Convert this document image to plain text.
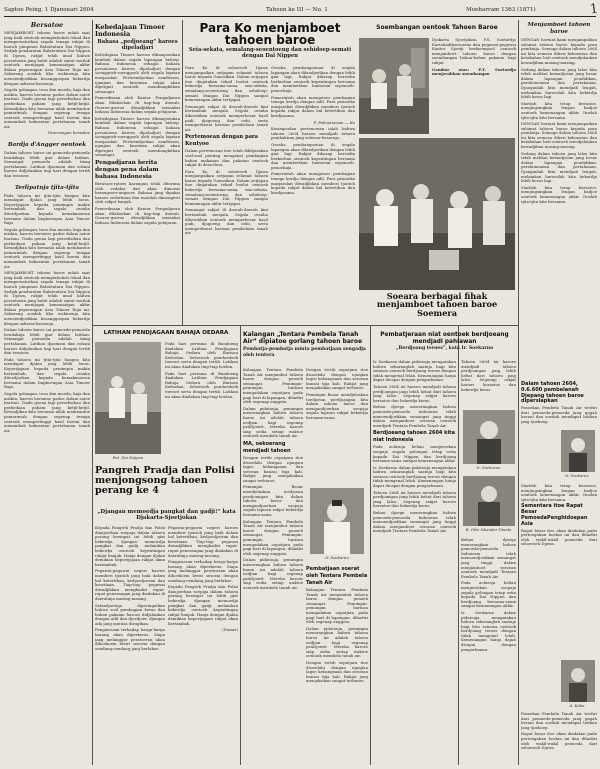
Saptoe Peing, 1 Djanoeari 2604	Tahoen ke III — No. 1	Moeharram 1363 (1871)	1

Bersatoe

MENJAMBOET tahoen baroe inilah saat jang baik oentoek memperkokoh tekad dan mempersatoekan segala tenaga rakjat di bawah pimpinan Balatentara Dai Nippon. Sedjak pendaratan Balatentara Dai Nippon di Djawa, rakjat telah insaf bahwa persatoean jang bulat adalah sjarat mutlak oentoek mentjapai kemenangan akhir dalam peperangan Asia Timoer Raja ini. Sekarang soedah tiba waktoenja kita menoendjoekkan kesanggoepan bekerdja dengan sekeras-kerasnja.

Segala golongan, toea dan moeda, kaja dan miskin, haroes bersatoe padoe dalam satoe barisan. Tiada goena lagi perselisihan dan perbedaan paham jang ketjil-ketjil. Kewadjiban kita bersama ialah membantoe pemerintah dengan segenap tenaga oentoek mempertinggi hasil boemi dan menambah kekoeatan pertahanan tanah air.

Penerangan bersatoe

Bardja d'Angger oentoek

Dalam tahoen baroe ini pemoeda-pemoeda hendaknja lebih giat dalam latihan. Semangat pemoeda adalah tiang pertahanan. Latihan djasmani dan rohani haroes didjalankan tiap hari dengan tertib dan teratoer.

Terlipatnja tjita-tjita

Pada tahoen ini tjita-tjita bangsa kita mendapat djalan jang lebih loeas. Kepertjajaan kepada pemimpin makin bertambah, dan segala oesaha ditoedjoekan kepada kemakmoeran bersama dalam lingkoengan Asia Timoer Raja.

Segala golongan, toea dan moeda, kaja dan miskin, haroes bersatoe padoe dalam satoe barisan. Tiada goena lagi perselisihan dan perbedaan paham jang ketjil-ketjil. Kewadjiban kita bersama ialah membantoe pemerintah dengan segenap tenaga oentoek mempertinggi hasil boemi dan menambah kekoeatan pertahanan tanah air.

MENJAMBOET tahoen baroe inilah saat jang baik oentoek memperkokoh tekad dan mempersatoekan segala tenaga rakjat di bawah pimpinan Balatentara Dai Nippon. Sedjak pendaratan Balatentara Dai Nippon di Djawa, rakjat telah insaf bahwa persatoean jang bulat adalah sjarat mutlak oentoek mentjapai kemenangan akhir dalam peperangan Asia Timoer Raja ini. Sekarang soedah tiba waktoenja kita menoendjoekkan kesanggoepan bekerdja dengan sekeras-kerasnja.

Dalam tahoen baroe ini pemoeda-pemoeda hendaknja lebih giat dalam latihan. Semangat pemoeda adalah tiang pertahanan. Latihan djasmani dan rohani haroes didjalankan tiap hari dengan tertib dan teratoer.

Pada tahoen ini tjita-tjita bangsa kita mendapat djalan jang lebih loeas. Kepertjajaan kepada pemimpin makin bertambah, dan segala oesaha ditoedjoekan kepada kemakmoeran bersama dalam lingkoengan Asia Timoer Raja.

Segala golongan, toea dan moeda, kaja dan miskin, haroes bersatoe padoe dalam satoe barisan. Tiada goena lagi perselisihan dan perbedaan paham jang ketjil-ketjil. Kewadjiban kita bersama ialah membantoe pemerintah dengan segenap tenaga oentoek mempertinggi hasil boemi dan menambah kekoeatan pertahanan tanah air.

Kebedajaan Timoer Indonesia

Bahasa „pedjoeang” haroes dipeladjari

Kebedajaan Timoer haroes dibangoenkan kembali dalam segala lapangan hidoep. Bahasa Indonesia sebagai bahasa persatoean haroes dipeladjari dengan soenggoeh-soenggoeh oleh segala lapisan masjarakat. Pertoendjoekan sandiwara, njanjian dan kesenian rakjat akan dipergiat oentoek membangkitkan semangat.

Pemeriksaan oleh Kantor Pengadjaran akan dilakoekan di tiap-tiap daerah. Goeroe-goeroe diwadjibkan memakai bahasa Indonesia dalam segala pelajaran.

Kebedajaan Timoer haroes dibangoenkan kembali dalam segala lapangan hidoep. Bahasa Indonesia sebagai bahasa persatoean haroes dipeladjari dengan soenggoeh-soenggoeh oleh segala lapisan masjarakat. Pertoendjoekan sandiwara, njanjian dan kesenian rakjat akan dipergiat oentoek membangkitkan semangat.

Pengadjaran berita dengan pena dalam bahasa Indonesia

Beratoes-ratoes karangan telah diterima oleh redaksi dan akan dimoeat berangsoer-angsoer. Bahasa jang dipakai haroes sederhana dan moedah dimengerti oleh rakjat banjak.

Pemeriksaan oleh Kantor Pengadjaran akan dilakoekan di tiap-tiap daerah. Goeroe-goeroe diwadjibkan memakai bahasa Indonesia dalam segala pelajaran.

Para Ko menjamboet tahoen baroe

Seia-sekata, semalang-seoentoeng dan sehidoep-semati dengan Dai Nippen

Para Ko di seloeroeh Djawa menjampaikan oetjapan selamat tahoen baroe kepada Gunseikan. Dalam oetjapan itoe dinjatakan tekad boelat oentoek bekerdja bersama-sama, seia-sekata, semalang-seoentoeng dan sehidoep-semati dengan Dai Nippon sampai kemenangan akhir tertjapai.

Semangat rakjat di daerah-daerah kini bertambah menjala. Segala oesaha dikerahkan oentoek memperbesar hasil padi, djagoeng dan oebi, serta memperkoeat barisan pembelaan tanah air.

Pertemoean dengan para Kentyoo

Dalam pertemoean itoe telah dibitjarakan soal-soal penting mengenai pembagian bahan makanan dan pakaian oentoek rakjat di desa-desa.

Para Ko di seloeroeh Djawa menjampaikan oetjapan selamat tahoen baroe kepada Gunseikan. Dalam oetjapan itoe dinjatakan tekad boelat oentoek bekerdja bersama-sama, seia-sekata, semalang-seoentoeng dan sehidoep-semati dengan Dai Nippon sampai kemenangan akhir tertjapai.

Semangat rakjat di daerah-daerah kini bertambah menjala. Segala oesaha dikerahkan oentoek memperbesar hasil padi, djagoeng dan oebi, serta memperkoeat barisan pembelaan tanah air.

Oesaha pembangoenan di segala lapangan akan dilandjoetkan dengan lebih giat lagi. Rakjat diharap bersedia berkorban oentoek kepentingan bersama dan memberikan bantoean sepenoeh-penoehnja.

Pemerintah akan mengatoer pembagian tenaga kerdja dengan adil. Para pemoeka masjarakat diwadjibkan memberi tjontoh kepada rakjat dalam hal ketertiban dan kerdjasama.

F. Pohoetoeane — Ko

Kesimpoelan pertemoean ialah bahwa tahoen 2604 haroes mendjadi tahoen pembaktian jang sebesar-besarnja.

Oesaha pembangoenan di segala lapangan akan dilandjoetkan dengan lebih giat lagi. Rakjat diharap bersedia berkorban oentoek kepentingan bersama dan memberikan bantoean sepenoeh-penoehnja.

Pemerintah akan mengatoer pembagian tenaga kerdja dengan adil. Para pemoeka masjarakat diwadjibkan memberi tjontoh kepada rakjat dalam hal ketertiban dan kerdjasama.

Soembangan oentoek Tahoen Baroe

Djakarta Sjoetjokan, P.S. Soetardjo Kartohadikoesoemo dan pegawai-pegawai Kantor Sjoetji berkoempoel oentoek menjamboet tahoen baroe dengan soembangan bahan-bahan pakaian bagi rakjat.

Gambar atas: P.T. Soetardjo menjerahkan soembangan

Soeara berbagai fihak menjamboet tahoen baroe Soemera

Menjamboet tahoen baroe

DENGAN hormat kami menjampaikan selamat tahoen baroe kepada para pembatja. Semoga dalam tahoen 2604 ini kita semoea diberi kekoeatan dan ketabahan hati oentoek mendjalankan kewadjiban masing-masing.

Sedang dalam tahoen jang laloe kita telah melihat kemadjoean jang besar dalam lapangan pendidikan, perekonomian dan pertahanan. Djanganlah kita mendjadi lengah, melainkan haroeslah kita bekerdja lebih keras lagi.

Marilah kita tetap bersatoe, menjingsingkan lengan badjoe oentoek kemenangan akhir. Itoelah tjita-tjita kita bersama.

DENGAN hormat kami menjampaikan selamat tahoen baroe kepada para pembatja. Semoga dalam tahoen 2604 ini kita semoea diberi kekoeatan dan ketabahan hati oentoek mendjalankan kewadjiban masing-masing.

Sedang dalam tahoen jang laloe kita telah melihat kemadjoean jang besar dalam lapangan pendidikan, perekonomian dan pertahanan. Djanganlah kita mendjadi lengah, melainkan haroeslah kita bekerdja lebih keras lagi.

Marilah kita tetap bersatoe, menjingsingkan lengan badjoe oentoek kemenangan akhir. Itoelah tjita-tjita kita bersama.

Dalam tahoen 2604, 0.6.600 pembelanah Djepang tahoen baroe dipersiapkan

Pasoekan Pembela Tanah Air terdiri dari pemoeda-pemoeda jang gagah berani dan soedah mendapat latihan jang tjoekoep.

Ir. Soekarno

Marilah kita tetap bersatoe, menjingsingkan lengan badjoe oentoek kemenangan akhir. Itoelah tjita-tjita kita bersama.

Sementara itoe Rapat Besar PemoedaPenghidoepan Asia

Rapat besar itoe akan diadakan pada pertengahan boelan ini dan dihadiri oleh wakil-wakil pemoeda dari seloeroeh Djawa.

A. Kaba

Pasoekan Pembela Tanah Air terdiri dari pemoeda-pemoeda jang gagah berani dan soedah mendapat latihan jang tjoekoep.

Rapat besar itoe akan diadakan pada pertengahan boelan ini dan dihadiri oleh wakil-wakil pemoeda dari seloeroeh Djawa.

LATIHAN PENDJAGAAN BAHAJA OEDARA

Fot. Dai Nippon

Pada hari pertama di Bandoeng diadakan Latihan Pendjagaan Bahaja Oedara oleh Barisan Keibodan. Seloeroeh pendoedoek toeroet serta dengan tertib. Latihan ini akan diadakan tiap-tiap boelan.

Pada hari pertama di Bandoeng diadakan Latihan Pendjagaan Bahaja Oedara oleh Barisan Keibodan. Seloeroeh pendoedoek toeroet serta dengan tertib. Latihan ini akan diadakan tiap-tiap boelan.

Pangreh Pradja dan Polisi menjongsong tahoen perang ke 4

„Djangan memoedja pangkat dan gadji!” kata Djakarta-Sjoetjokan

Kepada Pangreh Pradja dan Polisi dianjoerkan soepaja dalam tahoen perang keempat ini lebih giat bekerdja, djangan memoedja pangkat dan gadji, melainkan bekerdja oentoek kepentingan rakjat banjak. Hanja dengan djalan demikian kepertjajaan rakjat akan bertambah.

Pegawai-pegawai negeri haroes memberi tjontoh jang baik dalam hal ketertiban, kedjoedjoeran dan kesetiaan. Tiap-tiap pegawai diwadjibkan menghadiri rapat-rapat penerangan jang diadakan di daerahnja masing-masing.

Selandjoetnja diperingatkan bahwa soal pembagian beras dan bahan pakaian haroes didjalankan dengan adil dan djoedjoer, djangan ada jang merasa dirugikan.

Pengawasan terhadap harga-harga barang akan diperkeras. Siapa jang melanggar peratoeran akan dihoekoem berat sesoeai dengan oendang-oendang jang berlakoe.

Pegawai-pegawai negeri haroes memberi tjontoh jang baik dalam hal ketertiban, kedjoedjoeran dan kesetiaan. Tiap-tiap pegawai diwadjibkan menghadiri rapat-rapat penerangan jang diadakan di daerahnja masing-masing.

Pengawasan terhadap harga-harga barang akan diperkeras. Siapa jang melanggar peratoeran akan dihoekoem berat sesoeai dengan oendang-oendang jang berlakoe.

Kepada Pangreh Pradja dan Polisi dianjoerkan soepaja dalam tahoen perang keempat ini lebih giat bekerdja, djangan memoedja pangkat dan gadji, melainkan bekerdja oentoek kepentingan rakjat banjak. Hanja dengan djalan demikian kepertjajaan rakjat akan bertambah.

(Domei)

Kalangan „Tentara Pembela Tanah Air” dipiatoe gorlang tahoen baroe

Pembatja-pembatja minta pembatjaan sengadja oleh tentera

Kalangan Tentara Pembela Tanah Air menjambut tahoen baroe dengan penoeh semangat. Pemimpin-pemimpin barisan mengadakan oepatjara pada pagi hari di lapangan, dihadiri oleh segenap anggota.

Dalam pidatonja, pemimpin menerangkan bahwa tahoen baroe ini adalah tahoen oedjian bagi segenap prADjoerit. Mereka haroes siap sedia setiap waktoe oentoek membela tanah air.

MA, oekoerang mendjadi tahoen

Dengan tertib oepatjara itoe disoedahi dengan njanjian lagoe kebangsaan dan seroean banzai tiga kali. Rakjat jang menjaksikan sangat terharoe.

Pemimpin Besar mendjelaskan toedjoean perdjoangan kita dalam tahoen baroe dan mengandjoerkan soepaja segala lapisan rakjat bekerdja bersama-sama.

Kalangan Tentara Pembela Tanah Air menjambut tahoen baroe dengan penoeh semangat. Pemimpin-pemimpin barisan mengadakan oepatjara pada pagi hari di lapangan, dihadiri oleh segenap anggota.

Dalam pidatonja, pemimpin menerangkan bahwa tahoen baroe ini adalah tahoen oedjian bagi segenap prADjoerit. Mereka haroes siap sedia setiap waktoe oentoek membela tanah air.

Dengan tertib oepatjara itoe disoedahi dengan njanjian lagoe kebangsaan dan seroean banzai tiga kali. Rakjat jang menjaksikan sangat terharoe.

Pemimpin Besar mendjelaskan toedjoean perdjoangan kita dalam tahoen baroe dan mengandjoerkan soepaja segala lapisan rakjat bekerdja bersama-sama.

Ir. Soekarno

Pembatjaan soerat oleh Tentara Pembela Tanah Air

Kalangan Tentara Pembela Tanah Air menjambut tahoen baroe dengan penoeh semangat. Pemimpin-pemimpin barisan mengadakan oepatjara pada pagi hari di lapangan, dihadiri oleh segenap anggota.

Dalam pidatonja, pemimpin menerangkan bahwa tahoen baroe ini adalah tahoen oedjian bagi segenap prADjoerit. Mereka haroes siap sedia setiap waktoe oentoek membela tanah air.

Dengan tertib oepatjara itoe disoedahi dengan njanjian lagoe kebangsaan dan seroean banzai tiga kali. Rakjat jang menjaksikan sangat terharoe.

Pembatjeraan niat oentoek berdjoeang mendjadi pahlawan

„Berdjoang teroes”, kata Ir. Soekarno

Ir. Soekarno dalam pidatonja mengatakan bahwa sekaranglah saatnja bagi kita semoea oentoek berdjoang teroes dengan tidak mengenal lelah. Kemenangan hanja dapat dicapai dengan pengorbanan.

Tahoen 2604 ini haroes mendjadi tahoen perdjoangan jang lebih hebat dari tahoen jang laloe. Segenap rakjat haroes bersatoe dan bekerdja keras.

Beliau djoega menerangkan bahwa pemoeda-pemoeda Indonesia telah menoendjoekkan semangat jang tinggi dalam menjamboet seroean oentoek mendjadi Tentara Pembela Tanah Air.

Berdjoeang tahoen 2604 kita niat Indonesia

Pada achirnja beliau menjeroekan soepaja segala golongan tetap setia kepada Dai Nippon dan berdjoang bersama-sama sampai kemenangan akhir.

Ir. Soekarno dalam pidatonja mengatakan bahwa sekaranglah saatnja bagi kita semoea oentoek berdjoang teroes dengan tidak mengenal lelah. Kemenangan hanja dapat dicapai dengan pengorbanan.

Tahoen 2604 ini haroes mendjadi tahoen perdjoangan jang lebih hebat dari tahoen jang laloe. Segenap rakjat haroes bersatoe dan bekerdja keras.

Beliau djoega menerangkan bahwa pemoeda-pemoeda Indonesia telah menoendjoekkan semangat jang tinggi dalam menjamboet seroean oentoek mendjadi Tentara Pembela Tanah Air.

Tahoen 2604 ini haroes mendjadi tahoen perdjoangan jang lebih hebat dari tahoen jang laloe. Segenap rakjat haroes bersatoe dan bekerdja keras.

Ir. Soekarno
R. Otto Iskandar Dinata

Beliau djoega menerangkan bahwa pemoeda-pemoeda Indonesia telah menoendjoekkan semangat jang tinggi dalam menjamboet seroean oentoek mendjadi Tentara Pembela Tanah Air.

Pada achirnja beliau menjeroekan soepaja segala golongan tetap setia kepada Dai Nippon dan berdjoang bersama-sama sampai kemenangan akhir.

Ir. Soekarno dalam pidatonja mengatakan bahwa sekaranglah saatnja bagi kita semoea oentoek berdjoang teroes dengan tidak mengenal lelah. Kemenangan hanja dapat dicapai dengan pengorbanan.
